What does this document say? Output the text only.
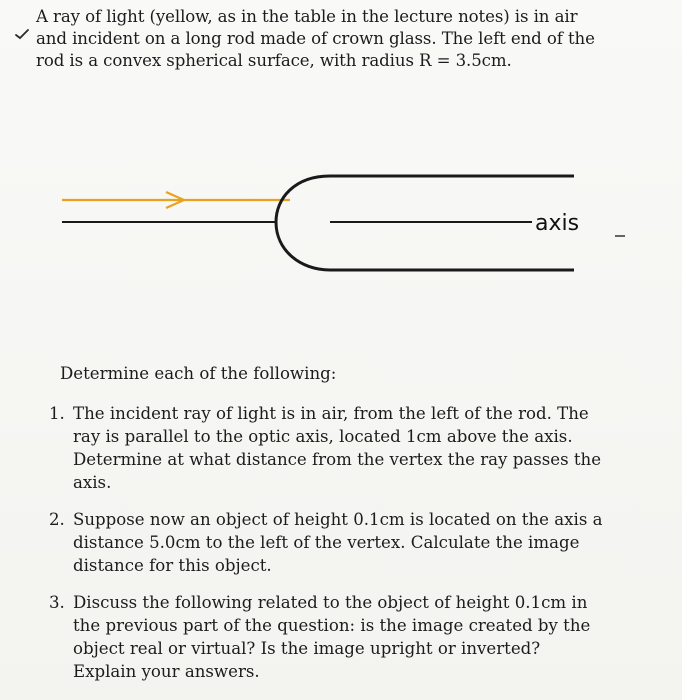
A ray of light (yellow, as in the table in the lecture notes) is in air

and incident on a long rod made of crown glass. The left end of the

rod is a convex spherical surface, with radius R = 3.5cm.

axis

Determine each of the following:

1. The incident ray of light is in air, from the left of the rod. The ray is parallel to the optic axis, located 1cm above the axis. Determine at what distance from the vertex the ray passes the axis.
2. Suppose now an object of height 0.1cm is located on the axis a distance 5.0cm to the left of the vertex. Calculate the image distance for this object.
3. Discuss the following related to the object of height 0.1cm in the previous part of the question: is the image created by the object real or virtual? Is the image upright or inverted? Explain your answers.
